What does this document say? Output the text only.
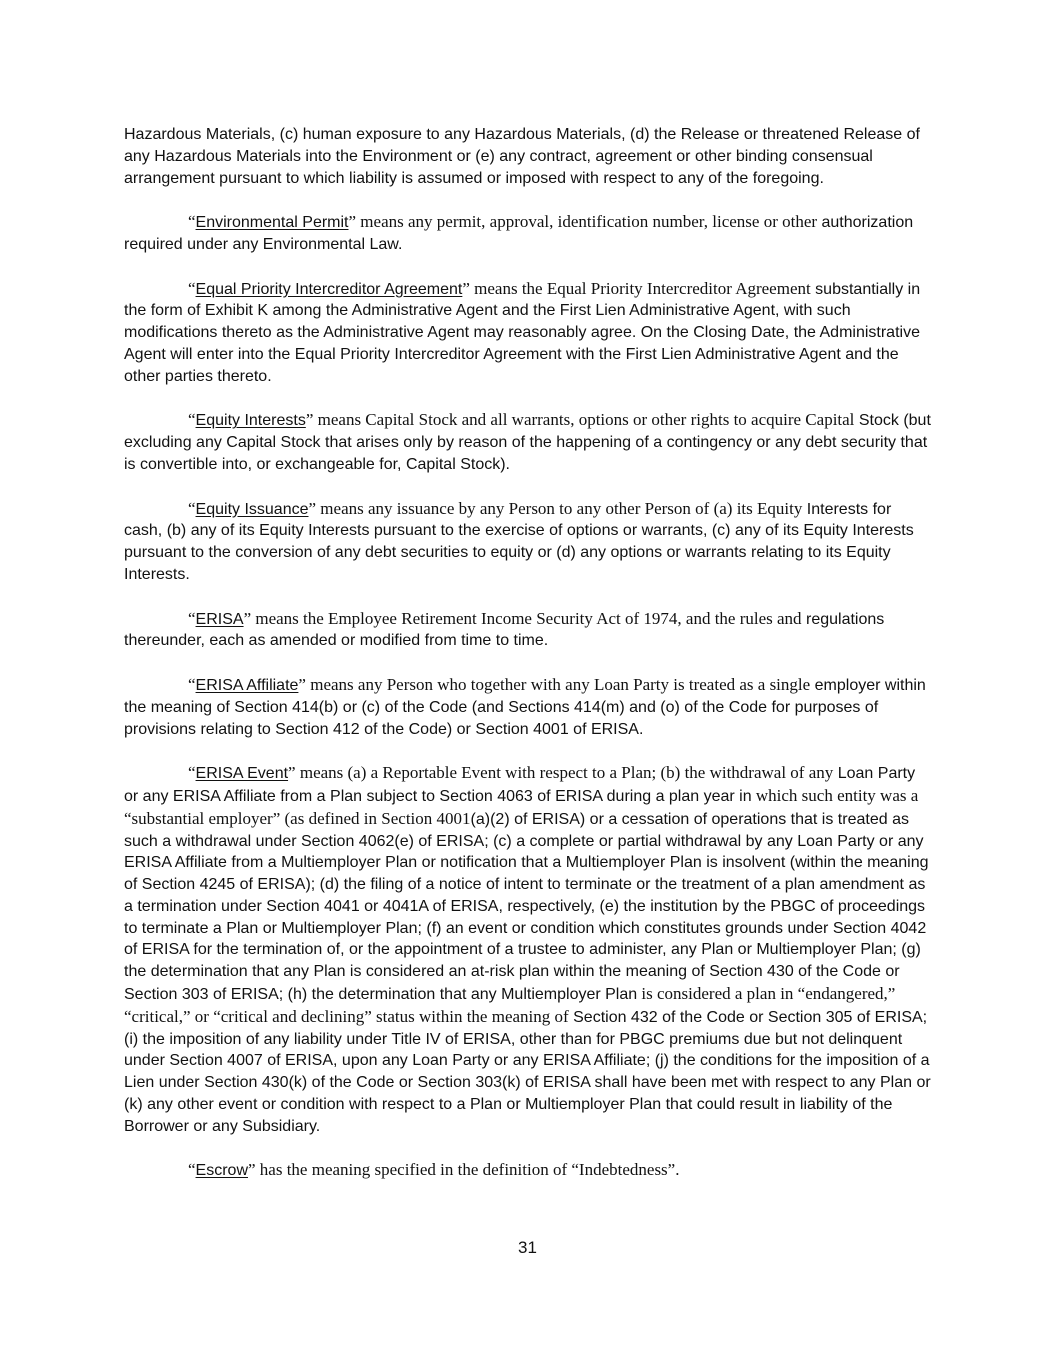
Hazardous Materials, (c) human exposure to any Hazardous Materials, (d) the Release or threatened Release of any Hazardous Materials into the Environment or (e) any contract, agreement or other binding consensual arrangement pursuant to which liability is assumed or imposed with respect to any of the foregoing.

“Environmental Permit” means any permit, approval, identification number, license or other authorization required under any Environmental Law.

“Equal Priority Intercreditor Agreement” means the Equal Priority Intercreditor Agreement substantially in the form of Exhibit K among the Administrative Agent and the First Lien Administrative Agent, with such modifications thereto as the Administrative Agent may reasonably agree. On the Closing Date, the Administrative Agent will enter into the Equal Priority Intercreditor Agreement with the First Lien Administrative Agent and the other parties thereto.

“Equity Interests” means Capital Stock and all warrants, options or other rights to acquire Capital Stock (but excluding any Capital Stock that arises only by reason of the happening of a contingency or any debt security that is convertible into, or exchangeable for, Capital Stock).

“Equity Issuance” means any issuance by any Person to any other Person of (a) its Equity Interests for cash, (b) any of its Equity Interests pursuant to the exercise of options or warrants, (c) any of its Equity Interests pursuant to the conversion of any debt securities to equity or (d) any options or warrants relating to its Equity Interests.

“ERISA” means the Employee Retirement Income Security Act of 1974, and the rules and regulations thereunder, each as amended or modified from time to time.

“ERISA Affiliate” means any Person who together with any Loan Party is treated as a single employer within the meaning of Section 414(b) or (c) of the Code (and Sections 414(m) and (o) of the Code for purposes of provisions relating to Section 412 of the Code) or Section 4001 of ERISA.

“ERISA Event” means (a) a Reportable Event with respect to a Plan; (b) the withdrawal of any Loan Party or any ERISA Affiliate from a Plan subject to Section 4063 of ERISA during a plan year in which such entity was a “substantial employer” (as defined in Section 4001(a)(2) of ERISA) or a cessation of operations that is treated as such a withdrawal under Section 4062(e) of ERISA; (c) a complete or partial withdrawal by any Loan Party or any ERISA Affiliate from a Multiemployer Plan or notification that a Multiemployer Plan is insolvent (within the meaning of Section 4245 of ERISA); (d) the filing of a notice of intent to terminate or the treatment of a plan amendment as a termination under Section 4041 or 4041A of ERISA, respectively, (e) the institution by the PBGC of proceedings to terminate a Plan or Multiemployer Plan; (f) an event or condition which constitutes grounds under Section 4042 of ERISA for the termination of, or the appointment of a trustee to administer, any Plan or Multiemployer Plan; (g) the determination that any Plan is considered an at-risk plan within the meaning of Section 430 of the Code or Section 303 of ERISA; (h) the determination that any Multiemployer Plan is considered a plan in “endangered,” “critical,” or “critical and declining” status within the meaning of Section 432 of the Code or Section 305 of ERISA; (i) the imposition of any liability under Title IV of ERISA, other than for PBGC premiums due but not delinquent under Section 4007 of ERISA, upon any Loan Party or any ERISA Affiliate; (j) the conditions for the imposition of a Lien under Section 430(k) of the Code or Section 303(k) of ERISA shall have been met with respect to any Plan or (k) any other event or condition with respect to a Plan or Multiemployer Plan that could result in liability of the Borrower or any Subsidiary.

“Escrow” has the meaning specified in the definition of “Indebtedness”.

31
